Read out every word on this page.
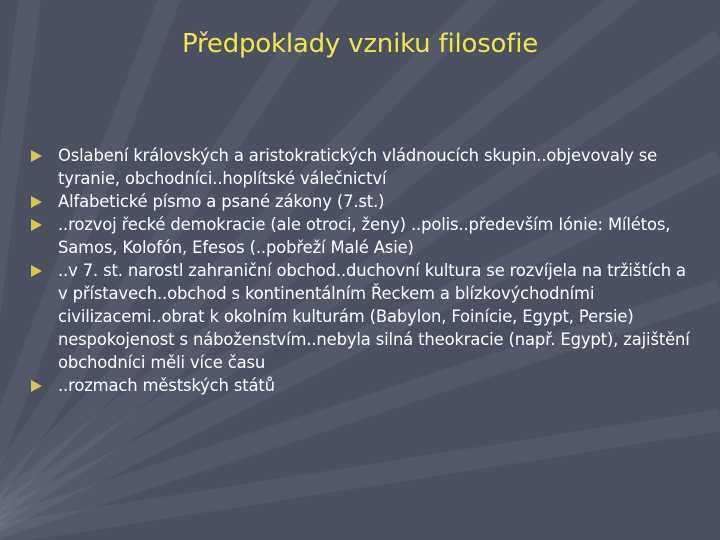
Předpoklady vzniku filosofie
Oslabení královských a aristokratických vládnoucích skupin..objevovaly se tyranie, obchodníci..hoplítské válečnictví
Alfabetické písmo a psané zákony (7.st.)
..rozvoj řecké demokracie (ale otroci, ženy) ..polis..především Iónie: Mílétos, Samos, Kolofón, Efesos (..pobřeží Malé Asie)
..v 7. st. narostl zahraniční obchod..duchovní kultura se rozvíjela na tržištích a v přístavech..obchod s kontinentálním Řeckem a blízkovýchodními civilizacemi..obrat k okolním kulturám (Babylon, Foinície, Egypt, Persie) nespokojenost s náboženstvím..nebyla silná theokracie (např. Egypt), zajištění obchodníci měli více času
..rozmach městských států
